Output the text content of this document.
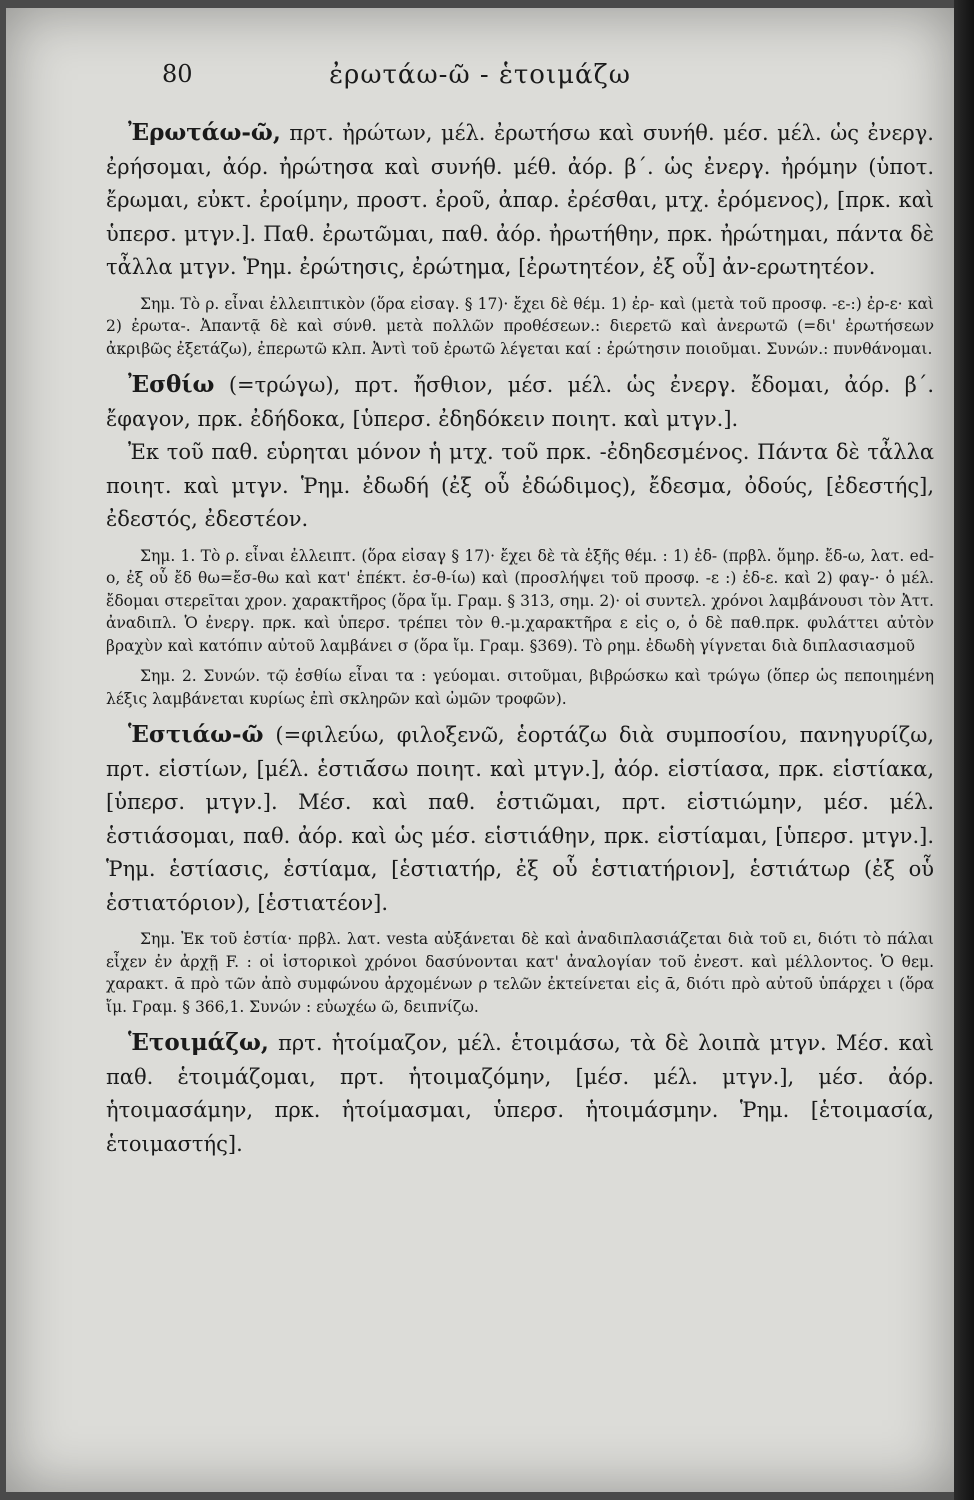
80	ἐρωτάω-ῶ - ἑτοιμάζω

Ἐρωτάω-ῶ, πρτ. ἠρώτων, μέλ. ἐρωτήσω καὶ συνήθ. μέσ. μέλ. ὡς ἐνεργ. ἐρήσομαι, ἀόρ. ἠρώτησα καὶ συνήθ. μέθ. ἀόρ. β΄. ὡς ἐνεργ. ἠρόμην (ὑποτ. ἔρωμαι, εὐκτ. ἐροίμην, προστ. ἐροῦ, ἀπαρ. ἐρέσθαι, μτχ. ἐρόμενος), [πρκ. καὶ ὑπερσ. μτγν.]. Παθ. ἐρωτῶμαι, παθ. ἀόρ. ἠρωτήθην, πρκ. ἠρώτημαι, πάντα δὲ τἆλλα μτγν. Ῥημ. ἐρώτησις, ἐρώτημα, [ἐρωτητέον, ἐξ οὗ] ἀν-ερωτητέον.

Σημ. Τὸ ρ. εἶναι ἐλλειπτικὸν (ὅρα εἰσαγ. § 17)· ἔχει δὲ θέμ. 1) ἐρ- καὶ (μετὰ τοῦ προσφ. -ε-:) ἐρ-ε· καὶ 2) ἐρωτα-. Ἀπαντᾷ δὲ καὶ σύνθ. μετὰ πολλῶν προθέσεων.: διερετῶ καὶ ἀνερωτῶ (=δι' ἐρωτήσεων ἀκριβῶς ἐξετάζω), ἐπερωτῶ κλπ. Ἀντὶ τοῦ ἐρωτῶ λέγεται καί : ἐρώτησιν ποιοῦμαι. Συνών.: πυνθάνομαι.

Ἐσθίω (=τρώγω), πρτ. ἤσθιον, μέσ. μέλ. ὡς ἐνεργ. ἔδομαι, ἀόρ. β΄. ἔφαγον, πρκ. ἐδήδοκα, [ὑπερσ. ἐδηδόκειν ποιητ. καὶ μτγν.].

Ἐκ τοῦ παθ. εὑρηται μόνον ἡ μτχ. τοῦ πρκ. -ἐδηδεσμένος. Πάντα δὲ τἆλλα ποιητ. καὶ μτγν. Ῥημ. ἐδωδή (ἐξ οὗ ἐδώδιμος), ἔδεσμα, ὀδούς, [ἐδεστής], ἐδεστός, ἐδεστέον.

Σημ. 1. Τὸ ρ. εἶναι ἐλλειπτ. (ὅρα εἰσαγ § 17)· ἔχει δὲ τὰ ἑξῆς θέμ. : 1) ἐδ- (πρβλ. ὅμηρ. ἔδ-ω, λατ. ed-o, ἐξ οὗ ἔδ θω=ἔσ-θω καὶ κατ' ἐπέκτ. ἐσ-θ-ίω) καὶ (προσλήψει τοῦ προσφ. -ε :) ἐδ-ε. καὶ 2) φαγ-· ὁ μέλ. ἔδομαι στερεῖται χρον. χαρακτῆρος (ὅρα ἴμ. Γραμ. § 313, σημ. 2)· οἱ συντελ. χρόνοι λαμβάνουσι τὸν Ἀττ. ἀναδιπλ. Ὁ ἐνεργ. πρκ. καὶ ὑπερσ. τρέπει τὸν θ.-μ.χαρακτῆρα ε εἰς ο, ὁ δὲ παθ.πρκ. φυλάττει αὐτὸν βραχὺν καὶ κατόπιν αὐτοῦ λαμβάνει σ (ὅρα ἴμ. Γραμ. §369). Τὸ ρημ. ἐδωδὴ γίγνεται διὰ διπλασιασμοῦ

Σημ. 2. Συνών. τῷ ἐσθίω εἶναι τα : γεύομαι. σιτοῦμαι, βιβρώσκω καὶ τρώγω (ὅπερ ὡς πεποιημένη λέξις λαμβάνεται κυρίως ἐπὶ σκληρῶν καὶ ὠμῶν τροφῶν).

Ἑστιάω-ῶ (=φιλεύω, φιλοξενῶ, ἑορτάζω διὰ συμποσίου, πανηγυρίζω, πρτ. εἱστίων, [μέλ. ἑστιᾱ́σω ποιητ. καὶ μτγν.], ἀόρ. εἱστίασα, πρκ. εἱστίακα, [ὑπερσ. μτγν.]. Μέσ. καὶ παθ. ἑστιῶμαι, πρτ. εἱστιώμην, μέσ. μέλ. ἑστιάσομαι, παθ. ἀόρ. καὶ ὡς μέσ. εἱστιάθην, πρκ. εἱστίαμαι, [ὑπερσ. μτγν.]. Ῥημ. ἑστίασις, ἑστίαμα, [ἑστιατήρ, ἐξ οὗ ἑστιατήριον], ἑστιάτωρ (ἐξ οὗ ἑστιατόριον), [ἑστιατέον].

Σημ. Ἐκ τοῦ ἑστία· πρβλ. λατ. vesta αὐξάνεται δὲ καὶ ἀναδιπλασιάζεται διὰ τοῦ ει, διότι τὸ πάλαι εἶχεν ἐν ἀρχῇ F. : οἱ ἱστορικοὶ χρόνοι δασύνονται κατ' ἀναλογίαν τοῦ ἐνεστ. καὶ μέλλοντος. Ὁ θεμ. χαρακτ. ᾱ πρὸ τῶν ἀπὸ συμφώνου ἀρχομένων ρ τελῶν ἐκτείνεται εἰς ᾱ, διότι πρὸ αὐτοῦ ὑπάρχει ι (ὅρα ἴμ. Γραμ. § 366,1. Συνών : εὐωχέω ῶ, δειπνίζω.

Ἑτοιμάζω, πρτ. ἡτοίμαζον, μέλ. ἑτοιμάσω, τὰ δὲ λοιπὰ μτγν. Μέσ. καὶ παθ. ἑτοιμάζομαι, πρτ. ἡτοιμαζόμην, [μέσ. μέλ. μτγν.], μέσ. ἀόρ. ἡτοιμασάμην, πρκ. ἡτοίμασμαι, ὑπερσ. ἡτοιμάσμην. Ῥημ. [ἑτοιμασία, ἑτοιμαστής].
